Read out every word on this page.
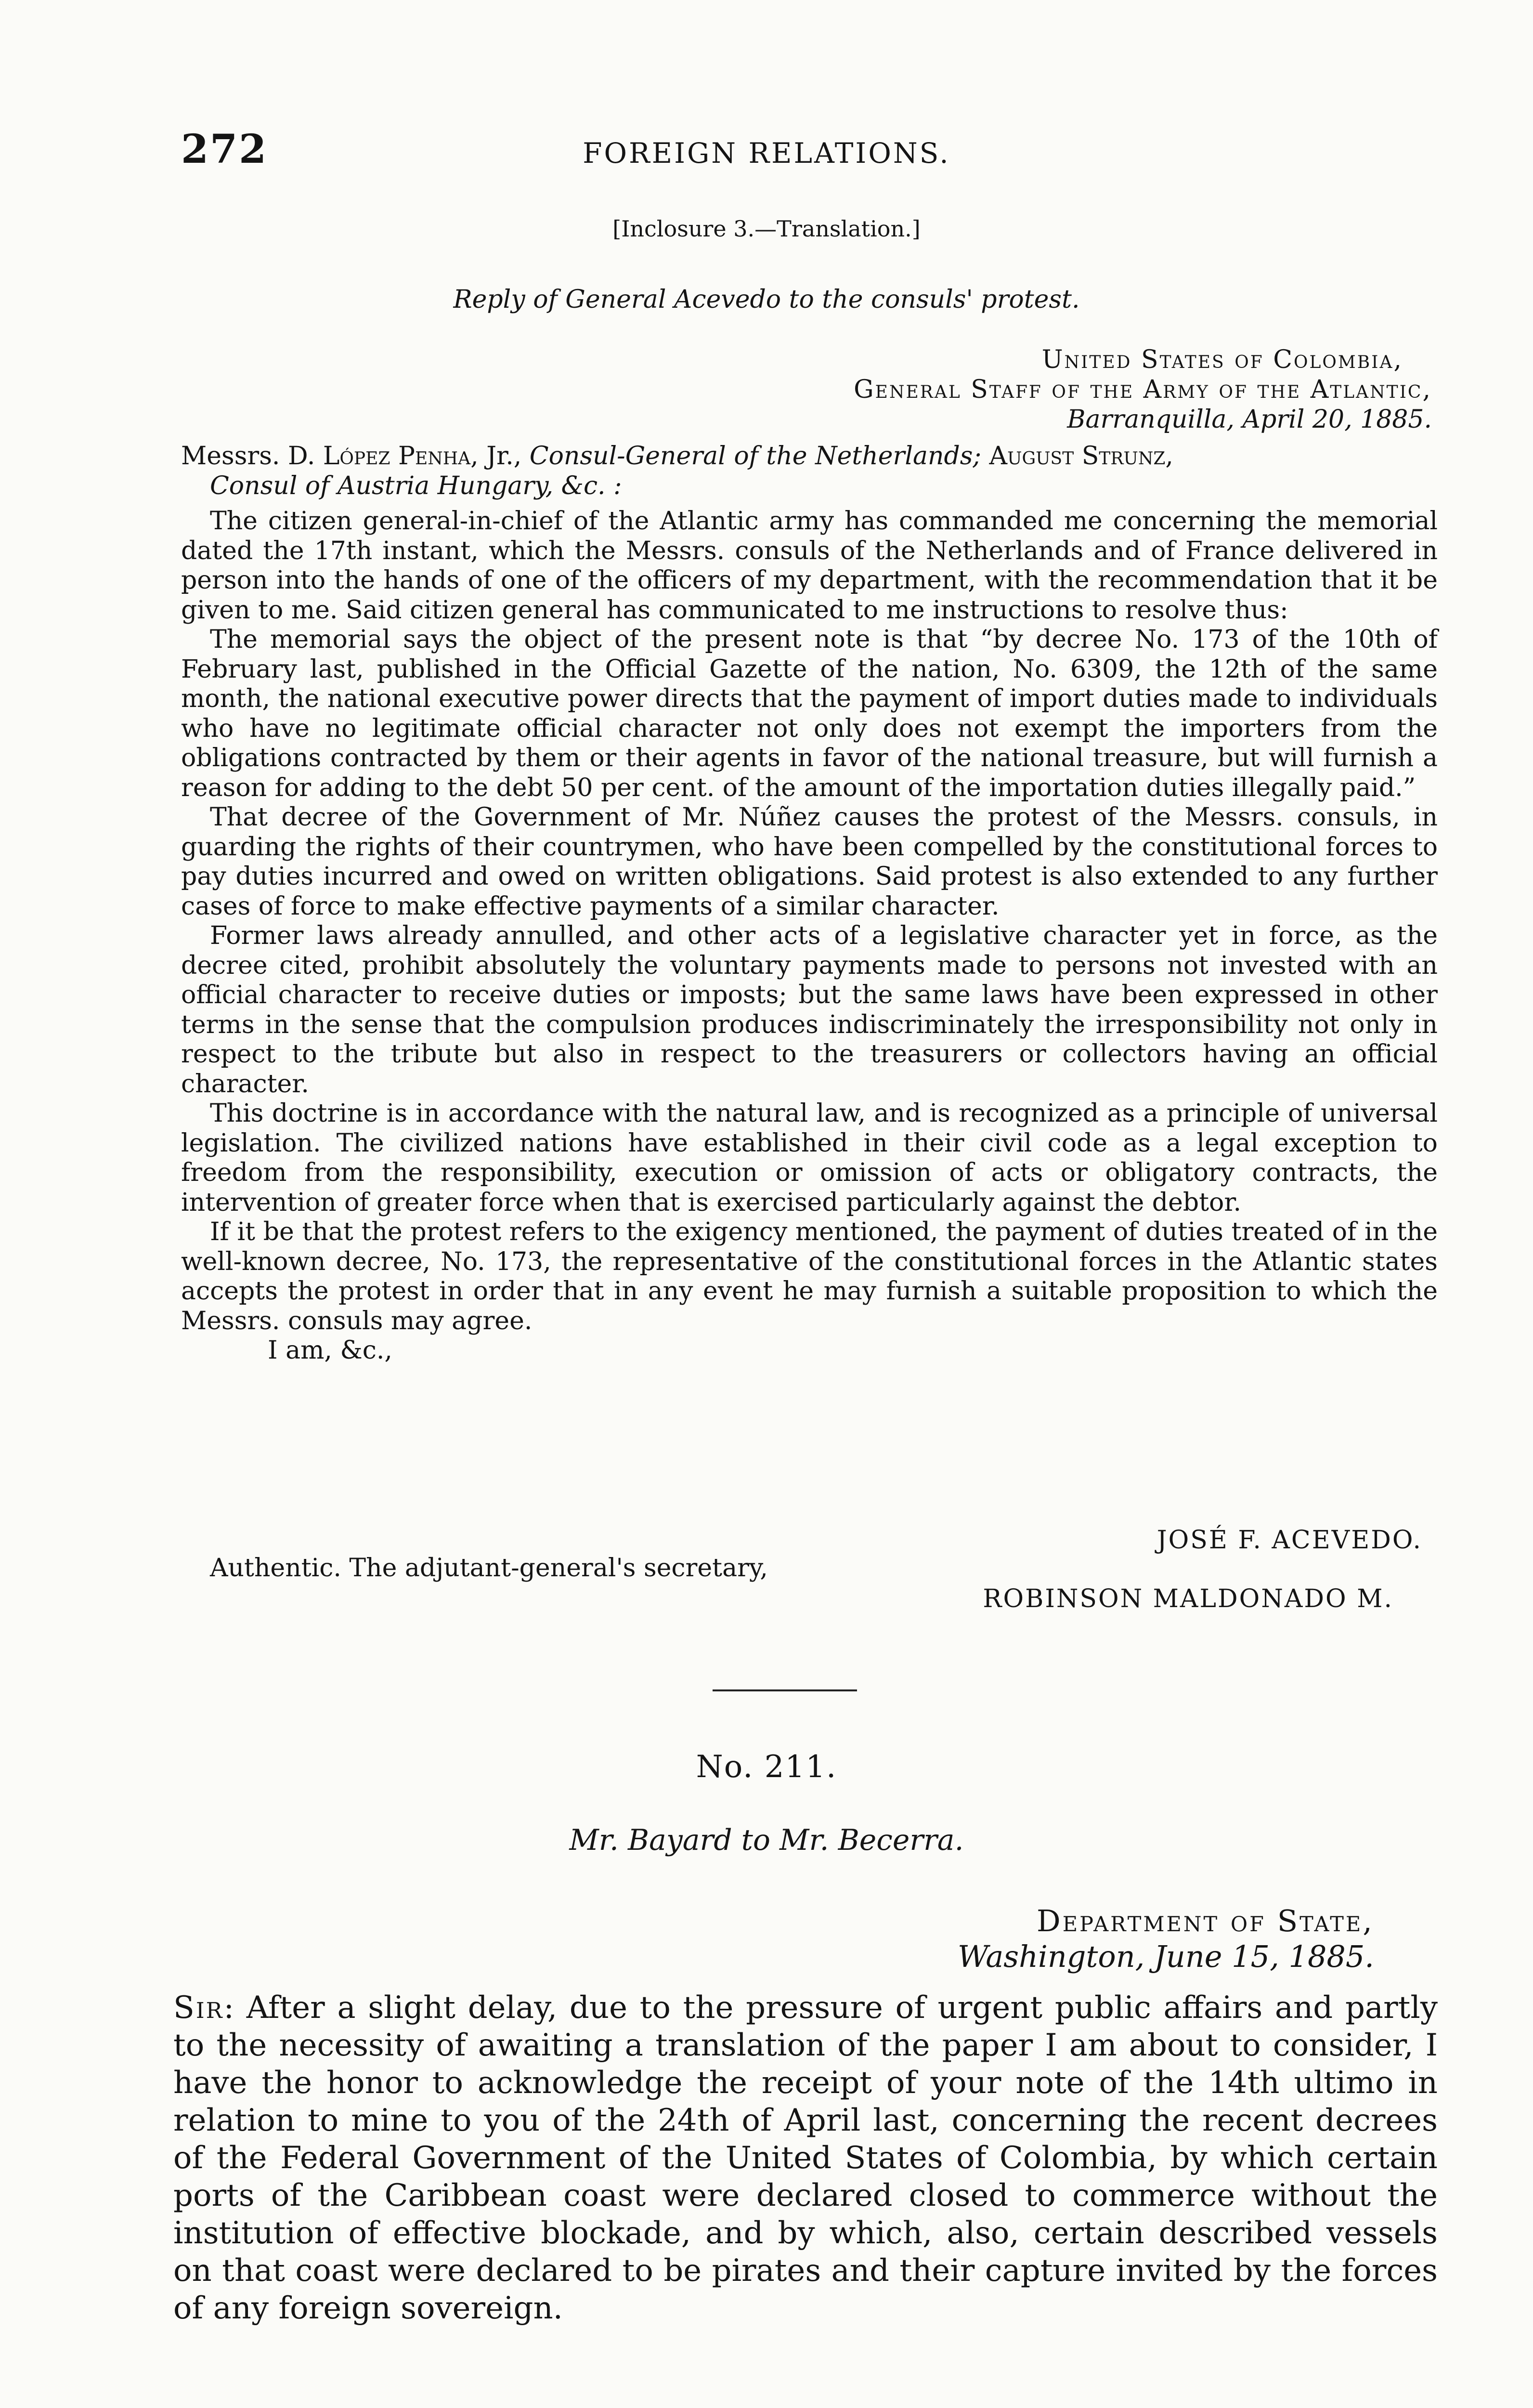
272	FOREIGN RELATIONS.
[Inclosure 3.—Translation.]
Reply of General Acevedo to the consuls' protest.
United States of Colombia,
General Staff of the Army of the Atlantic,
Barranquilla, April 20, 1885.
Messrs. D. López Penha, Jr., Consul-General of the Netherlands; August Strunz,
Consul of Austria Hungary, &c. :

The citizen general-in-chief of the Atlantic army has commanded me concerning the memorial dated the 17th instant, which the Messrs. consuls of the Netherlands and of France delivered in person into the hands of one of the officers of my department, with the recommendation that it be given to me. Said citizen general has communicated to me instructions to resolve thus:

The memorial says the object of the present note is that “by decree No. 173 of the 10th of February last, published in the Official Gazette of the nation, No. 6309, the 12th of the same month, the national executive power directs that the payment of import duties made to individuals who have no legitimate official character not only does not exempt the importers from the obligations contracted by them or their agents in favor of the national treasure, but will furnish a reason for adding to the debt 50 per cent. of the amount of the importation duties illegally paid.”

That decree of the Government of Mr. Núñez causes the protest of the Messrs. consuls, in guarding the rights of their countrymen, who have been compelled by the constitutional forces to pay duties incurred and owed on written obligations. Said protest is also extended to any further cases of force to make effective payments of a similar character.

Former laws already annulled, and other acts of a legislative character yet in force, as the decree cited, prohibit absolutely the voluntary payments made to persons not invested with an official character to receive duties or imposts; but the same laws have been expressed in other terms in the sense that the compulsion produces indiscriminately the irresponsibility not only in respect to the tribute but also in respect to the treasurers or collectors having an official character.

This doctrine is in accordance with the natural law, and is recognized as a principle of universal legislation. The civilized nations have established in their civil code as a legal exception to freedom from the responsibility, execution or omission of acts or obligatory contracts, the intervention of greater force when that is exercised particularly against the debtor.

If it be that the protest refers to the exigency mentioned, the payment of duties treated of in the well-known decree, No. 173, the representative of the constitutional forces in the Atlantic states accepts the protest in order that in any event he may furnish a suitable proposition to which the Messrs. consuls may agree.

I am, &c.,

JOSÉ F. ACEVEDO.
Authentic. The adjutant-general's secretary,
ROBINSON MALDONADO M.
No. 211.
Mr. Bayard to Mr. Becerra.
Department of State,
Washington, June 15, 1885.
Sir: After a slight delay, due to the pressure of urgent public affairs and partly to the necessity of awaiting a translation of the paper I am about to consider, I have the honor to acknowledge the receipt of your note of the 14th ultimo in relation to mine to you of the 24th of April last, concerning the recent decrees of the Federal Government of the United States of Colombia, by which certain ports of the Caribbean coast were declared closed to commerce without the institution of effective blockade, and by which, also, certain described vessels on that coast were declared to be pirates and their capture invited by the forces of any foreign sovereign.
